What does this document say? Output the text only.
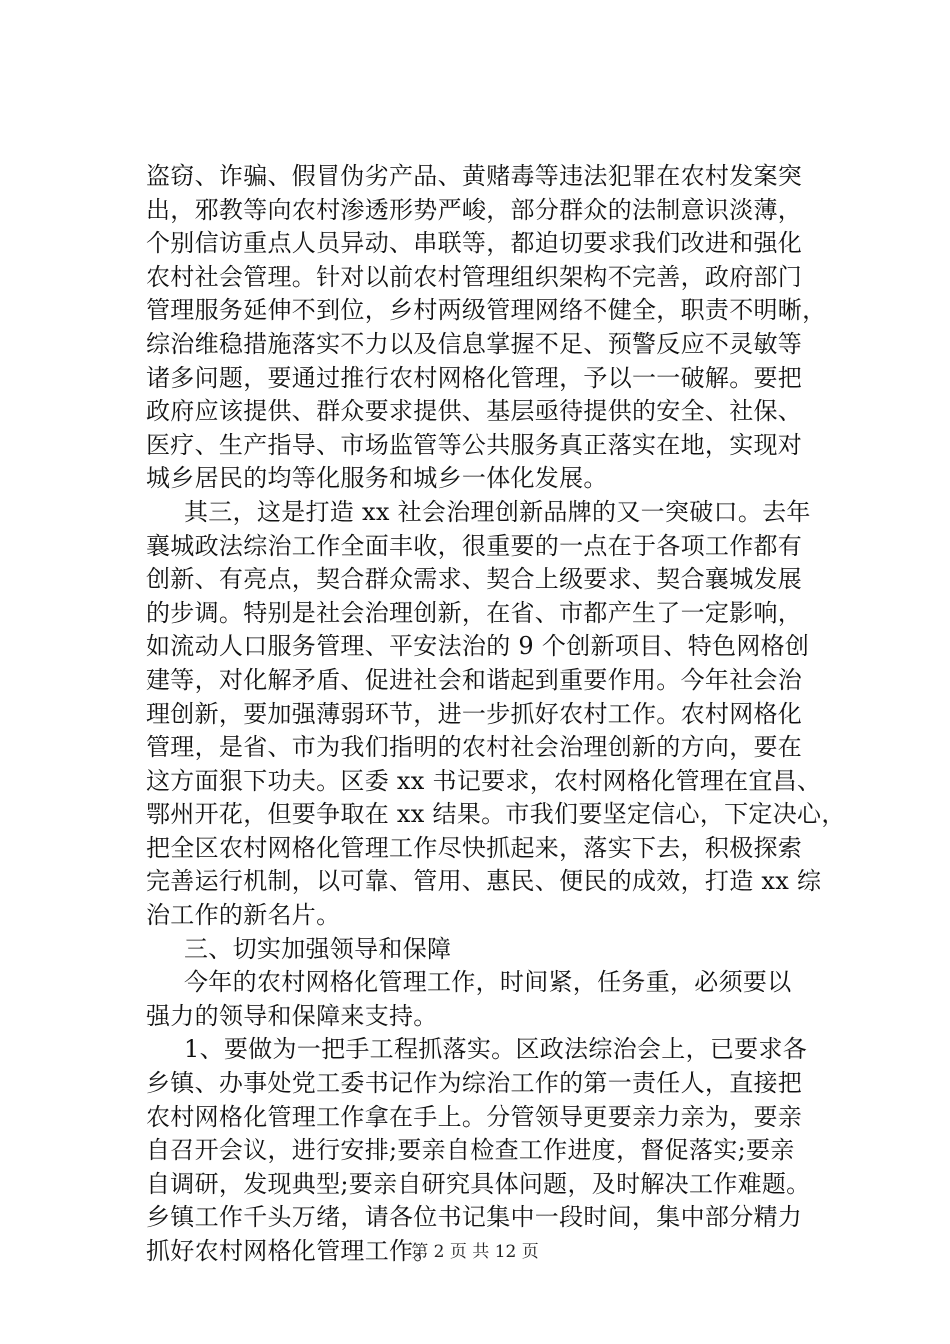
盗窃、诈骗、假冒伪劣产品、黄赌毒等违法犯罪在农村发案突
出，邪教等向农村渗透形势严峻，部分群众的法制意识淡薄，
个别信访重点人员异动、串联等，都迫切要求我们改进和强化
农村社会管理。针对以前农村管理组织架构不完善，政府部门
管理服务延伸不到位，乡村两级管理网络不健全，职责不明晰，
综治维稳措施落实不力以及信息掌握不足、预警反应不灵敏等
诸多问题，要通过推行农村网格化管理，予以一一破解。要把
政府应该提供、群众要求提供、基层亟待提供的安全、社保、
医疗、生产指导、市场监管等公共服务真正落实在地，实现对
城乡居民的均等化服务和城乡一体化发展。
其三，这是打造 xx 社会治理创新品牌的又一突破口。去年
襄城政法综治工作全面丰收，很重要的一点在于各项工作都有
创新、有亮点，契合群众需求、契合上级要求、契合襄城发展
的步调。特别是社会治理创新，在省、市都产生了一定影响，
如流动人口服务管理、平安法治的 9 个创新项目、特色网格创
建等，对化解矛盾、促进社会和谐起到重要作用。今年社会治
理创新，要加强薄弱环节，进一步抓好农村工作。农村网格化
管理，是省、市为我们指明的农村社会治理创新的方向，要在
这方面狠下功夫。区委 xx 书记要求，农村网格化管理在宜昌、
鄂州开花，但要争取在 xx 结果。市我们要坚定信心，下定决心，
把全区农村网格化管理工作尽快抓起来，落实下去，积极探索
完善运行机制，以可靠、管用、惠民、便民的成效，打造 xx 综
治工作的新名片。
三、切实加强领导和保障
今年的农村网格化管理工作，时间紧，任务重，必须要以
强力的领导和保障来支持。
1、要做为一把手工程抓落实。区政法综治会上，已要求各
乡镇、办事处党工委书记作为综治工作的第一责任人，直接把
农村网格化管理工作拿在手上。分管领导更要亲力亲为，要亲
自召开会议，进行安排;要亲自检查工作进度，督促落实;要亲
自调研，发现典型;要亲自研究具体问题，及时解决工作难题。
乡镇工作千头万绪，请各位书记集中一段时间，集中部分精力
抓好农村网格化管理工作。
第 2 页 共 12 页
